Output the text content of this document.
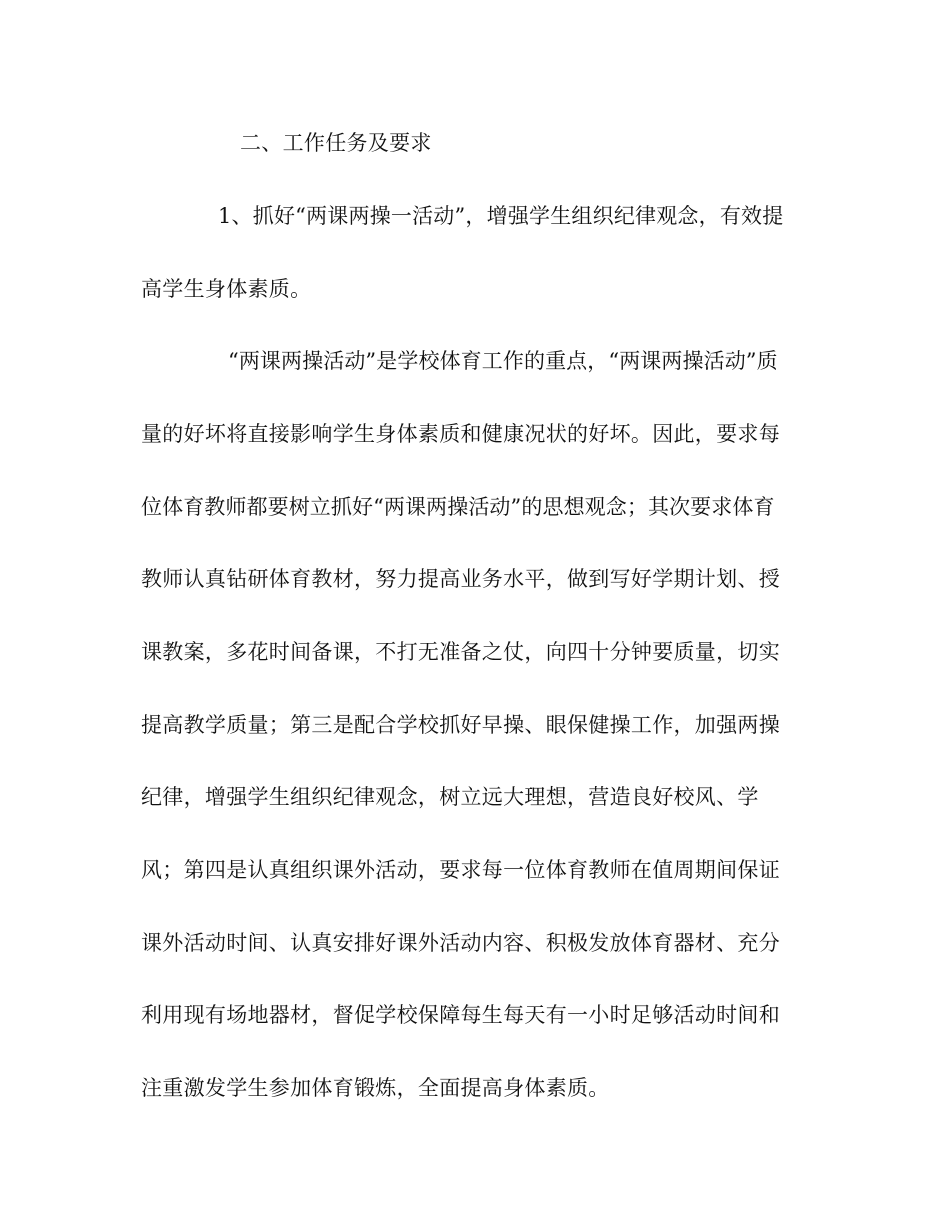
二、工作任务及要求
1、抓好“两课两操一活动”，增强学生组织纪律观念，有效提
高学生身体素质。
“两课两操活动”是学校体育工作的重点，“两课两操活动”质
量的好坏将直接影响学生身体素质和健康况状的好坏。因此，要求每
位体育教师都要树立抓好“两课两操活动”的思想观念；其次要求体育
教师认真钻研体育教材，努力提高业务水平，做到写好学期计划、授
课教案，多花时间备课，不打无准备之仗，向四十分钟要质量，切实
提高教学质量；第三是配合学校抓好早操、眼保健操工作，加强两操
纪律，增强学生组织纪律观念，树立远大理想，营造良好校风、学
风；第四是认真组织课外活动，要求每一位体育教师在值周期间保证
课外活动时间、认真安排好课外活动内容、积极发放体育器材、充分
利用现有场地器材，督促学校保障每生每天有一小时足够活动时间和
注重激发学生参加体育锻炼，全面提高身体素质。
